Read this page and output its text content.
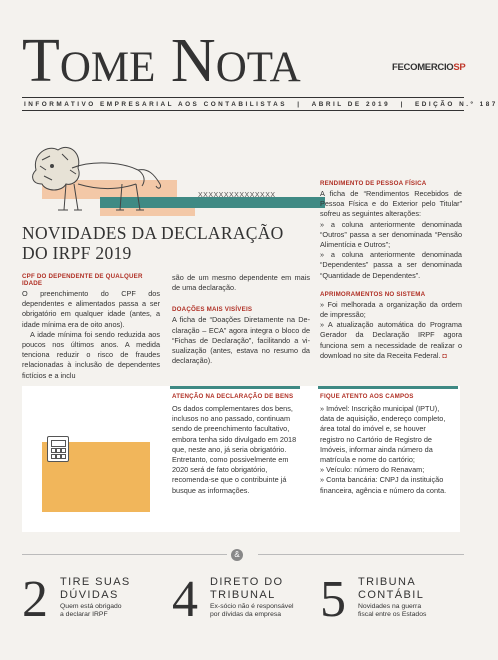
Tome Nota	FECOMERCIOSP
INFORMATIVO EMPRESARIAL AOS CONTABILISTAS | ABRIL DE 2019 | EDIÇÃO N.º 187
XXXXXXXXXXXXXXX
NOVIDADES DA DECLARAÇÃO
DO IRPF 2019
CPF DO DEPENDENTE DE QUALQUER IDADE

O preenchimento do CPF dos dependentes e alimentados passa a ser obrigatório em qualquer idade (antes, a idade mínima era de oito anos).

A idade mínima foi sendo reduzida aos poucos nos últimos anos. A medida tenciona reduzir o risco de fraudes relacionadas à inclusão de dependentes fictícios e a inclu

são de um mesmo dependente em mais de uma declaração.

DOAÇÕES MAIS VISÍVEIS

A ficha de “Doações Diretamente na Declaração – ECA” agora integra o bloco de “Fichas de Declaração”, facilitando a visualização (antes, estava no resumo da declaração).

RENDIMENTO DE PESSOA FÍSICA

A ficha de “Rendimentos Recebidos de Pessoa Física e do Exterior pelo Titular” sofreu as seguintes alterações:

» a coluna anteriormente denominada “Outros” passa a ser denominada “Pensão Alimentícia e Outros”;

» a coluna anteriormente denominada “Dependentes” passa a ser denominada “Quantidade de Dependentes”.

APRIMORAMENTOS NO SISTEMA

» Foi melhorada a organização da ordem de impressão;

» A atualização automática do Programa Gerador da Declaração IRPF agora funciona sem a necessidade de realizar o download no site da Receita Federal. ◘

ATENÇÃO NA DECLARAÇÃO DE BENS
Os dados complementares dos bens, inclusos no ano passado, continuam sendo de preenchimento facultativo, embora tenha sido divulgado em 2018 que, neste ano, já seria obrigatório. Entretanto, como possivelmente em 2020 será de fato obrigatório, recomenda-se que o contribuinte já busque as informações.
FIQUE ATENTO AOS CAMPOS

» Imóvel: Inscrição municipal (IPTU), data de aquisição, endereço completo, área total do imóvel e, se houver registro no Cartório de Registro de Imóveis, informar ainda número da matrícula e nome do cartório;

» Veículo: número do Renavam;

» Conta bancária: CNPJ da instituição financeira, agência e número da conta.

&
2 TIRE SUAS
DÚVIDAS
Quem está obrigado
a declarar IRPF	4 DIRETO DO
TRIBUNAL
Ex-sócio não é responsável
por dívidas da empresa 5 TRIBUNA
CONTÁBIL
Novidades na guerra
fiscal entre os Estados
